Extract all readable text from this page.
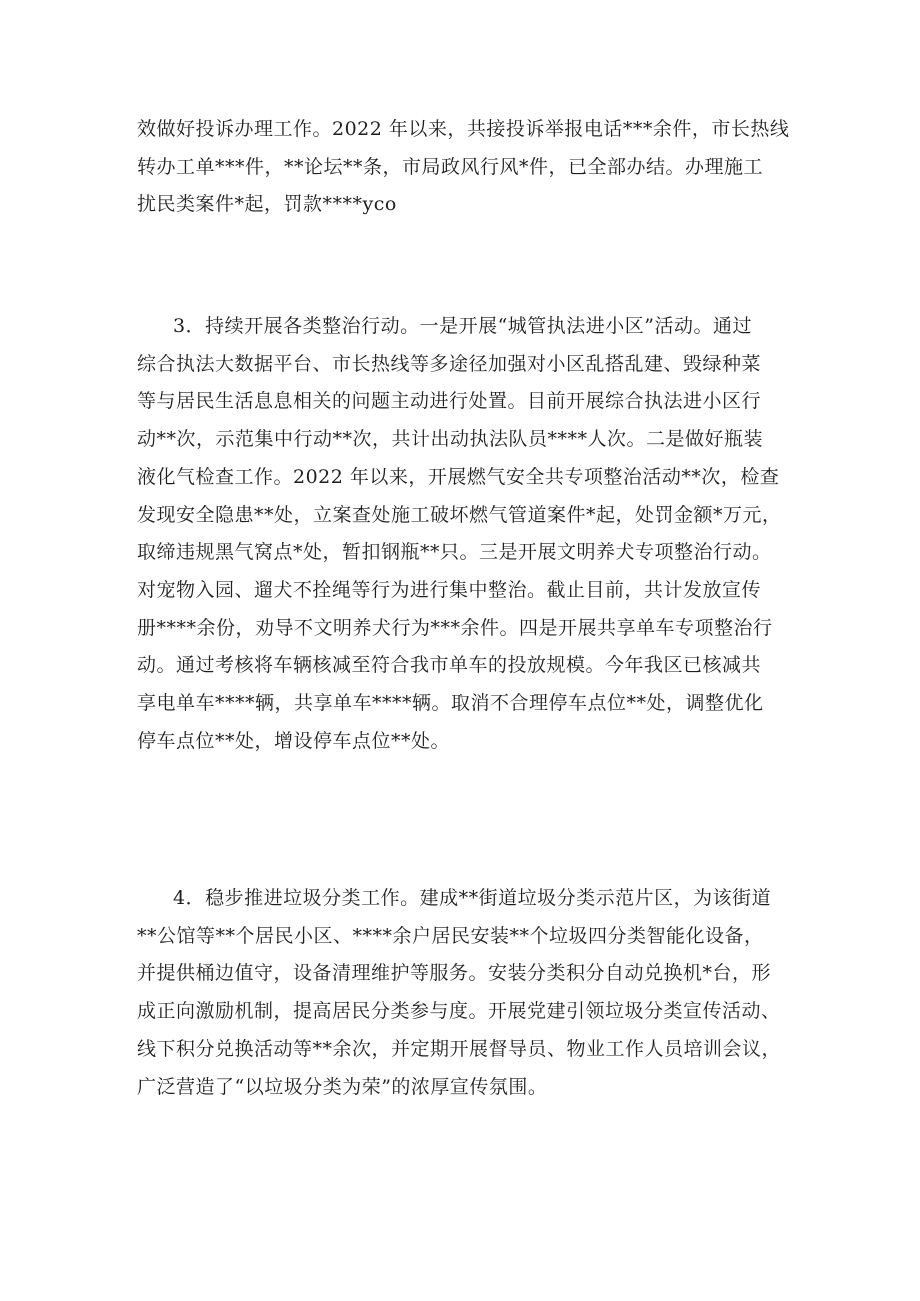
效做好投诉办理工作。2022 年以来，共接投诉举报电话***余件，市长热线
转办工单***件，**论坛**条，市局政风行风*件，已全部办结。办理施工
扰民类案件*起，罚款****yco
3．持续开展各类整治行动。一是开展“城管执法进小区”活动。通过
综合执法大数据平台、市长热线等多途径加强对小区乱搭乱建、毁绿种菜
等与居民生活息息相关的问题主动进行处置。目前开展综合执法进小区行
动**次，示范集中行动**次，共计出动执法队员****人次。二是做好瓶装
液化气检查工作。2022 年以来，开展燃气安全共专项整治活动**次，检查
发现安全隐患**处，立案查处施工破坏燃气管道案件*起，处罚金额*万元，
取缔违规黑气窝点*处，暂扣钢瓶**只。三是开展文明养犬专项整治行动。
对宠物入园、遛犬不拴绳等行为进行集中整治。截止目前，共计发放宣传
册****余份，劝导不文明养犬行为***余件。四是开展共享单车专项整治行
动。通过考核将车辆核减至符合我市单车的投放规模。今年我区已核减共
享电单车****辆，共享单车****辆。取消不合理停车点位**处，调整优化
停车点位**处，增设停车点位**处。
4．稳步推进垃圾分类工作。建成**街道垃圾分类示范片区，为该街道
**公馆等**个居民小区、****余户居民安装**个垃圾四分类智能化设备，
并提供桶边值守，设备清理维护等服务。安装分类积分自动兑换机*台，形
成正向激励机制，提高居民分类参与度。开展党建引领垃圾分类宣传活动、
线下积分兑换活动等**余次，并定期开展督导员、物业工作人员培训会议，
广泛营造了“以垃圾分类为荣”的浓厚宣传氛围。
